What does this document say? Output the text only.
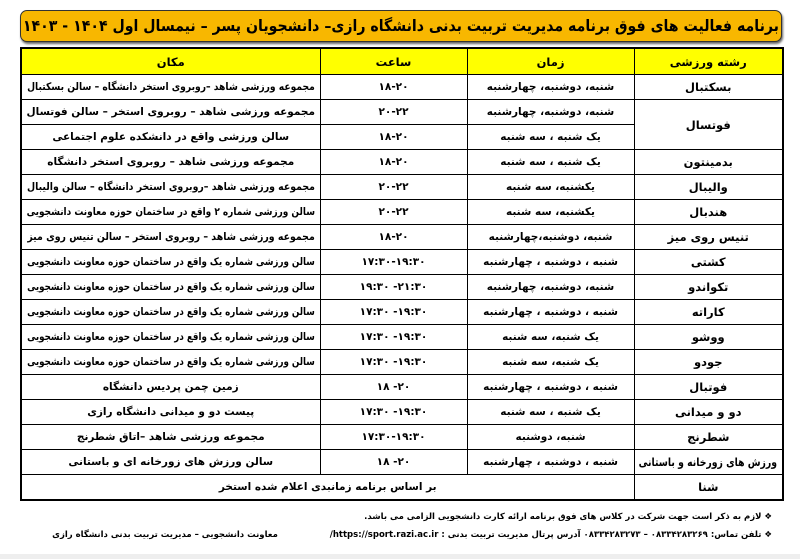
برنامه فعالیت های فوق برنامه مدیریت تربیت بدنی دانشگاه رازی– دانشجویان پسر – نیمسال اول ۱۴۰۴ - ۱۴۰۳
رشته ورزشی	زمان	ساعت	مکان
بسکتبال	شنبه، دوشنبه، چهارشنبه	۱۸-۲۰	مجموعه ورزشی شاهد –روبروی استخر دانشگاه – سالن بسکتبال
فوتسال	شنبه، دوشنبه، چهارشنبه	۲۰-۲۲	مجموعه ورزشی شاهد – روبروی استخر – سالن فوتسال
	یک شنبه ، سه شنبه	۱۸-۲۰	سالن ورزشی واقع در دانشکده علوم اجتماعی
بدمینتون	یک شنبه ، سه شنبه	۱۸-۲۰	مجموعه ورزشی شاهد – روبروی استخر دانشگاه
والیبال	یکشنبه، سه شنبه	۲۰-۲۲	مجموعه ورزشی شاهد –روبروی استخر دانشگاه – سالن والیبال
هندبال	یکشنبه، سه شنبه	۲۰-۲۲	سالن ورزشی شماره ۲ واقع در ساختمان حوزه معاونت دانشجویی
تنیس روی میز	شنبه، دوشنبه،چهارشنبه	۱۸-۲۰	مجموعه ورزشی شاهد – روبروی استخر – سالن تنیس روی میز
کشتی	شنبه ، دوشنبه ، چهارشنبه	۱۷:۳۰-۱۹:۳۰	سالن ورزشی شماره یک واقع در ساختمان حوزه معاونت دانشجویی
تکواندو	شنبه، دوشنبه، چهارشنبه	۱۹:۳۰ -۲۱:۳۰	سالن ورزشی شماره یک واقع در ساختمان حوزه معاونت دانشجویی
کاراته	شنبه ، دوشنبه ، چهارشنبه	۱۷:۳۰ -۱۹:۳۰	سالن ورزشی شماره یک واقع در ساختمان حوزه معاونت دانشجویی
ووشو	یک شنبه، سه شنبه	۱۷:۳۰ -۱۹:۳۰	سالن ورزشی شماره یک واقع در ساختمان حوزه معاونت دانشجویی
جودو	یک شنبه، سه شنبه	۱۷:۳۰ -۱۹:۳۰	سالن ورزشی شماره یک واقع در ساختمان حوزه معاونت دانشجویی
فوتبال	شنبه ، دوشنبه ، چهارشنبه	۱۸ -۲۰	زمین چمن پردیس دانشگاه
دو و میدانی	یک شنبه ، سه شنبه	۱۷:۳۰ -۱۹:۳۰	پیست دو و میدانی دانشگاه رازی
شطرنج	شنبه، دوشنبه	۱۷:۳۰-۱۹:۳۰	مجموعه ورزشی شاهد –اتاق شطرنج
ورزش های زورخانه و باستانی	شنبه ، دوشنبه ، چهارشنبه	۱۸ -۲۰	سالن ورزش های زورخانه ای و باستانی
شنا	بر اساس برنامه زمانبدی اعلام شده استخر		
❖ لازم به ذکر است جهت شرکت در کلاس های فوق برنامه ارائه کارت دانشجویی الزامی می باشد.
❖ تلفن تماس: ۰۸۳۳۴۲۸۳۲۶۹ – ۰۸۳۳۴۲۸۳۲۷۳ آدرس پرتال مدیریت تربیت بدنی : https://sport.razi.ac.ir/
معاونت دانشجویی – مدیریت تربیت بدنی دانشگاه رازی
